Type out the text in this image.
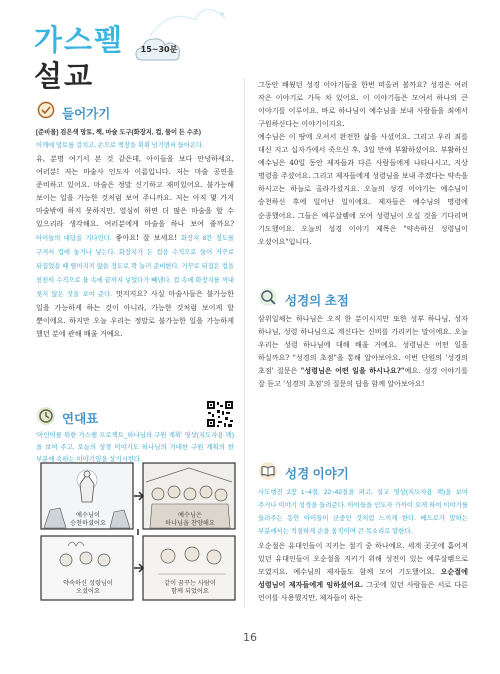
가스펠
설교
15~30분
들어가기
[준비물] 검은색 망토, 책, 마술 도구(화장지, 컵, 물이 든 수조)
어깨에 망토를 걸치고, 손으로 책장을 휙휙 넘기면서 들어온다.
유, 분명 여기서 본 것 같은데, 아이들을 보다 안녕하세요, 여러분! 저는 마술사 인도자 이름입니다. 저는 마술 공연을 준비하고 있어요. 마술은 정말 신기하고 재미있어요. 불가능해 보이는 일을 가능한 것처럼 보여 주니까요. 저는 아직 몇 가지 마술밖에 하지 못하지만, 열심히 하면 더 많은 마술을 할 수 있으리라 생각해요. 여러분에게 마술을 하나 보여 줄까요? 아이들의 대답을 기다린다. 좋아요! 잘 보세요! 화장지 8칸 정도를 구겨서 컵에 놓거나 넣는다. 화장지가 든 컵을 수직으로 들어 거꾸로 뒤집었을 때 떨어지지 않을 정도로 꽉 눌러 준비한다. 거꾸로 뒤집은 컵을 천천히 수직으로 물 속에 끝까지 넣었다가 빼낸다. 컵 속에 화장지를 꺼내 젖지 않은 것을 보여 준다. 멋지지요? 사실 마술사들은 불가능한 일을 가능하게 하는 것이 아니라, 가능한 것처럼 보이게 할 뿐이에요. 하지만 오늘 우리는 정말로 불가능한 일을 가능하게 했던 분에 관해 배울 거예요.
연대표
'아인이를 위한 가스펠 프로젝트_하나님의 구원 계획' 영상(지도자용 팩)을 보여 주고, 오늘의 성경 이야기도 하나님의 거대한 구원 계획의 한 부분에 속하는 이야기임을 상기시킨다.
예수님이
승천하셨어요
예수님은
하나님을 찬양해요
약속하신 성령님이
오셨어요
같이 꿈꾸는 사람이
함께 되었어요
그동안 배웠던 성경 이야기들을 한번 떠올려 볼까요? 성경은 여러 작은 이야기로 가득 차 있어요. 이 이야기들은 모여서 하나의 큰 이야기를 이루어요. 바로 하나님이 예수님을 보내 사람들을 죄에서 구원하신다는 이야기이지요.
예수님은 이 땅에 오셔서 완전한 삶을 사셨어요. 그리고 우리 죄를 대신 지고 십자가에서 죽으신 후, 3일 만에 부활하셨어요. 부활하신 예수님은 40일 동안 제자들과 다른 사람들에게 나타나시고, 지상 명령을 주셨어요. 그리고 제자들에게 성령님을 보내 주겠다는 약속을 하시고는 하늘로 올라가셨지요. 오늘의 성경 이야기는 예수님이 승천하신 후에 일어난 일이에요. 제자들은 예수님의 명령에 순종했어요. 그들은 예루살렘에 모여 성령님이 오실 것을 기다리며 기도했어요. 오늘의 성경 이야기 제목은 "약속하신 성령님이 오셨어요"입니다.
성경의 초점
삼위일체는 하나님은 오직 한 분이시지만 또한 성부 하나님, 성자 하나님, 성령 하나님으로 계신다는 신비를 가리키는 말이에요. 오늘 우리는 성령 하나님에 대해 배울 거예요. 성령님은 어떤 일을 하실까요? "성경의 초점"을 통해 알아보아요. 이번 단원의 '성경의 초점' 질문은 "성령님은 어떤 일을 하시나요?"예요. 성경 이야기를 잘 듣고 '성경의 초점'의 질문의 답을 함께 알아보아요!
성경 이야기
사도행전 2장 1~4절, 22~42절을 펴고, 설교 영상(지도자용 팩)을 보여 주거나 이야기 성경을 들려준다. 아이들을 인도자 가까이 오게 하여 이야기를 들려주는 동안 아이들이 군중인 것처럼 느끼게 한다. 베드로가 말하는 부분에서는 적절하게 손을 움직이며 큰 목소리로 말한다.
오순절은 유대인들이 지키는 절기 중 하나예요. 세계 곳곳에 흩어져 있던 유대인들이 오순절을 지키기 위해 성전이 있는 예루살렘으로 모였지요. 예수님의 제자들도 함께 모여 기도했어요. 오순절에 성령님이 제자들에게 임하셨어요. 그곳에 있던 사람들은 서로 다른 언어를 사용했지만, 제자들이 하는
16
